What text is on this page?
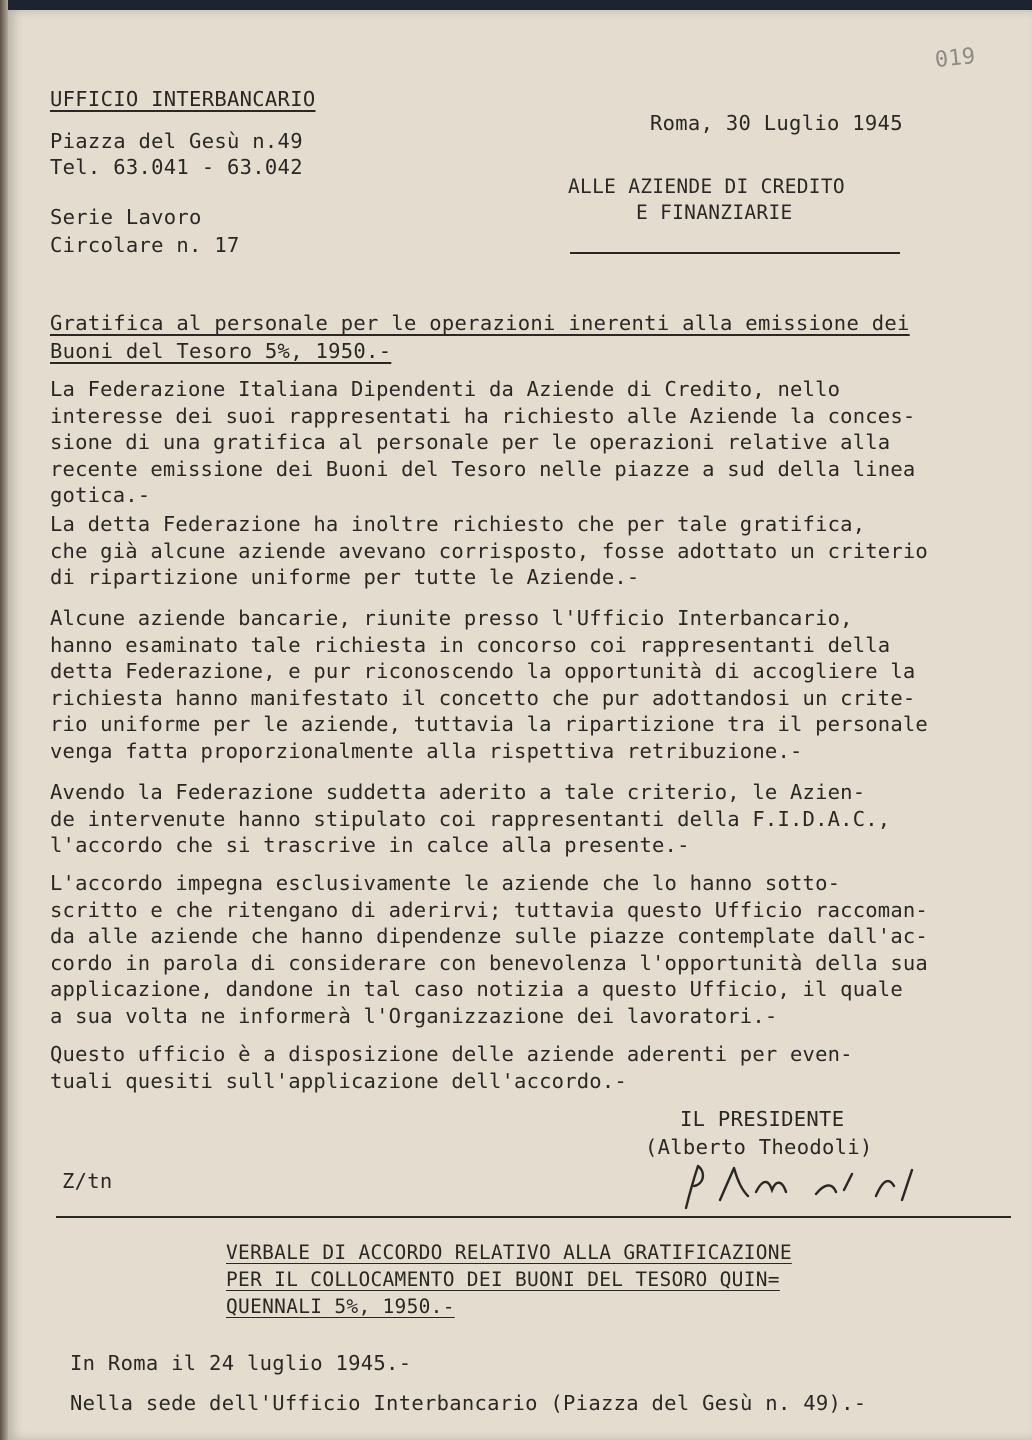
019
UFFICIO INTERBANCARIO
Piazza del Gesù n.49
Tel. 63.041 - 63.042
Serie Lavoro
Circolare n. 17
Roma, 30 Luglio 1945
ALLE AZIENDE DI CREDITO
E FINANZIARIE
Gratifica al personale per le operazioni inerenti alla emissione dei
Buoni del Tesoro 5%, 1950.-
La Federazione Italiana Dipendenti da Aziende di Credito, nello
interesse dei suoi rappresentati ha richiesto alle Aziende la conces-
sione di una gratifica al personale per le operazioni relative alla
recente emissione dei Buoni del Tesoro nelle piazze a sud della linea
gotica.-
La detta Federazione ha inoltre richiesto che per tale gratifica,
che già alcune aziende avevano corrisposto, fosse adottato un criterio
di ripartizione uniforme per tutte le Aziende.-
Alcune aziende bancarie, riunite presso l'Ufficio Interbancario,
hanno esaminato tale richiesta in concorso coi rappresentanti della
detta Federazione, e pur riconoscendo la opportunità di accogliere la
richiesta hanno manifestato il concetto che pur adottandosi un crite-
rio uniforme per le aziende, tuttavia la ripartizione tra il personale
venga fatta proporzionalmente alla rispettiva retribuzione.-
Avendo la Federazione suddetta aderito a tale criterio, le Azien-
de intervenute hanno stipulato coi rappresentanti della F.I.D.A.C.,
l'accordo che si trascrive in calce alla presente.-
L'accordo impegna esclusivamente le aziende che lo hanno sotto-
scritto e che ritengano di aderirvi; tuttavia questo Ufficio raccoman-
da alle aziende che hanno dipendenze sulle piazze contemplate dall'ac-
cordo in parola di considerare con benevolenza l'opportunità della sua
applicazione, dandone in tal caso notizia a questo Ufficio, il quale
a sua volta ne informerà l'Organizzazione dei lavoratori.-
Questo ufficio è a disposizione delle aziende aderenti per even-
tuali quesiti sull'applicazione dell'accordo.-
IL PRESIDENTE
(Alberto Theodoli)
Z/tn
VERBALE DI ACCORDO RELATIVO ALLA GRATIFICAZIONE
PER IL COLLOCAMENTO DEI BUONI DEL TESORO QUIN=
QUENNALI 5%, 1950.-
In Roma il 24 luglio 1945.-
Nella sede dell'Ufficio Interbancario (Piazza del Gesù n. 49).-
